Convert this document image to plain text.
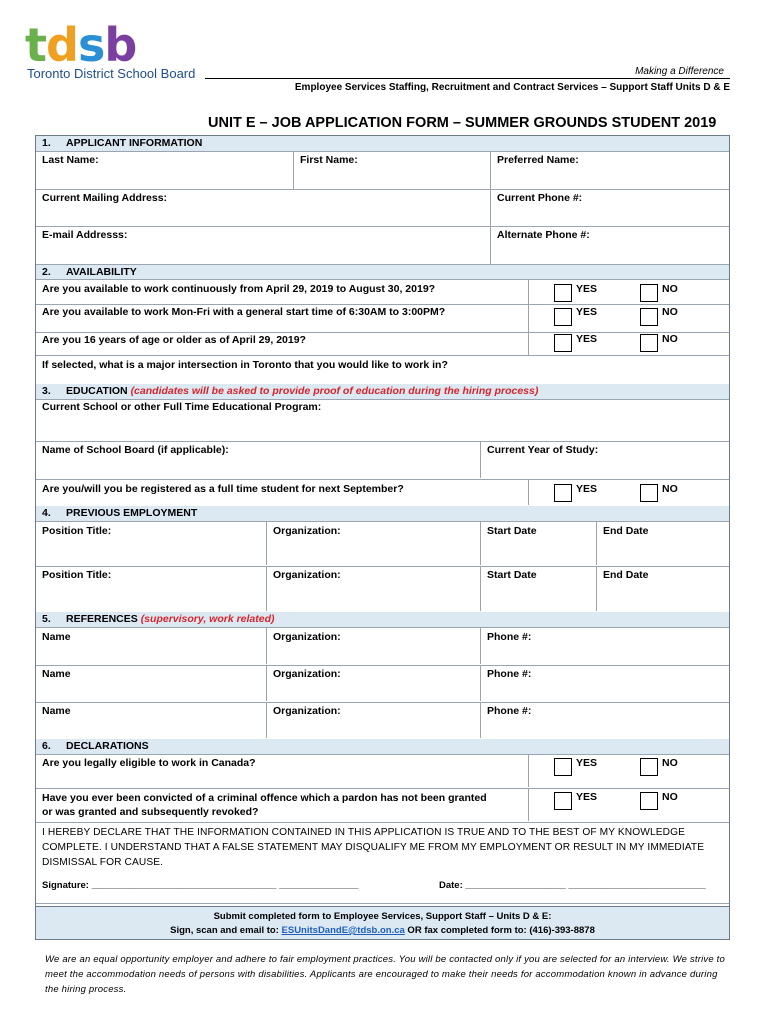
tdsb
Toronto District School Board	Making a Difference
Employee Services Staffing, Recruitment and Contract Services – Support Staff Units D & E
UNIT E – JOB APPLICATION FORM – SUMMER GROUNDS STUDENT 2019
1. APPLICANT INFORMATION
Last Name:	First Name:	Preferred Name:
Current Mailing Address:	Current Phone #:
E-mail Addresss:	Alternate Phone #:
2. AVAILABILITY
Are you available to work continuously from April 29, 2019 to August 30, 2019?	YES	NO
Are you available to work Mon-Fri with a general start time of 6:30AM to 3:00PM?	YES	NO
Are you 16 years of age or older as of April 29, 2019?	YES	NO
If selected, what is a major intersection in Toronto that you would like to work in?
3. EDUCATION (candidates will be asked to provide proof of education during the hiring process)
Current School or other Full Time Educational Program:
Name of School Board (if applicable):	Current Year of Study:
Are you/will you be registered as a full time student for next September?	YES	NO
4. PREVIOUS EMPLOYMENT
Position Title:	Organization:	Start Date	End Date
Position Title:	Organization:	Start Date	End Date
5. REFERENCES (supervisory, work related)
Name	Organization:	Phone #:
Name	Organization:	Phone #:
Name	Organization:	Phone #:
6. DECLARATIONS
Are you legally eligible to work in Canada?	YES	NO
Have you ever been convicted of a criminal offence which a pardon has not been granted
or was granted and subsequently revoked?
YES	NO
I HEREBY DECLARE THAT THE INFORMATION CONTAINED IN THIS APPLICATION IS TRUE AND TO THE BEST OF MY KNOWLEDGE
COMPLETE. I UNDERSTAND THAT A FALSE STATEMENT MAY DISQUALIFY ME FROM MY EMPLOYMENT OR RESULT IN MY IMMEDIATE
DISMISSAL FOR CAUSE.
Signature: ___________________________________ _______________	Date: ___________________ __________________________
Submit completed form to Employee Services, Support Staff – Units D & E:
Sign, scan and email to: ESUnitsDandE@tdsb.on.ca OR fax completed form to: (416)-393-8878
We are an equal opportunity employer and adhere to fair employment practices. You will be contacted only if you are selected for an interview. We strive to meet the accommodation needs of persons with disabilities. Applicants are encouraged to make their needs for accommodation known in advance during the hiring process.
